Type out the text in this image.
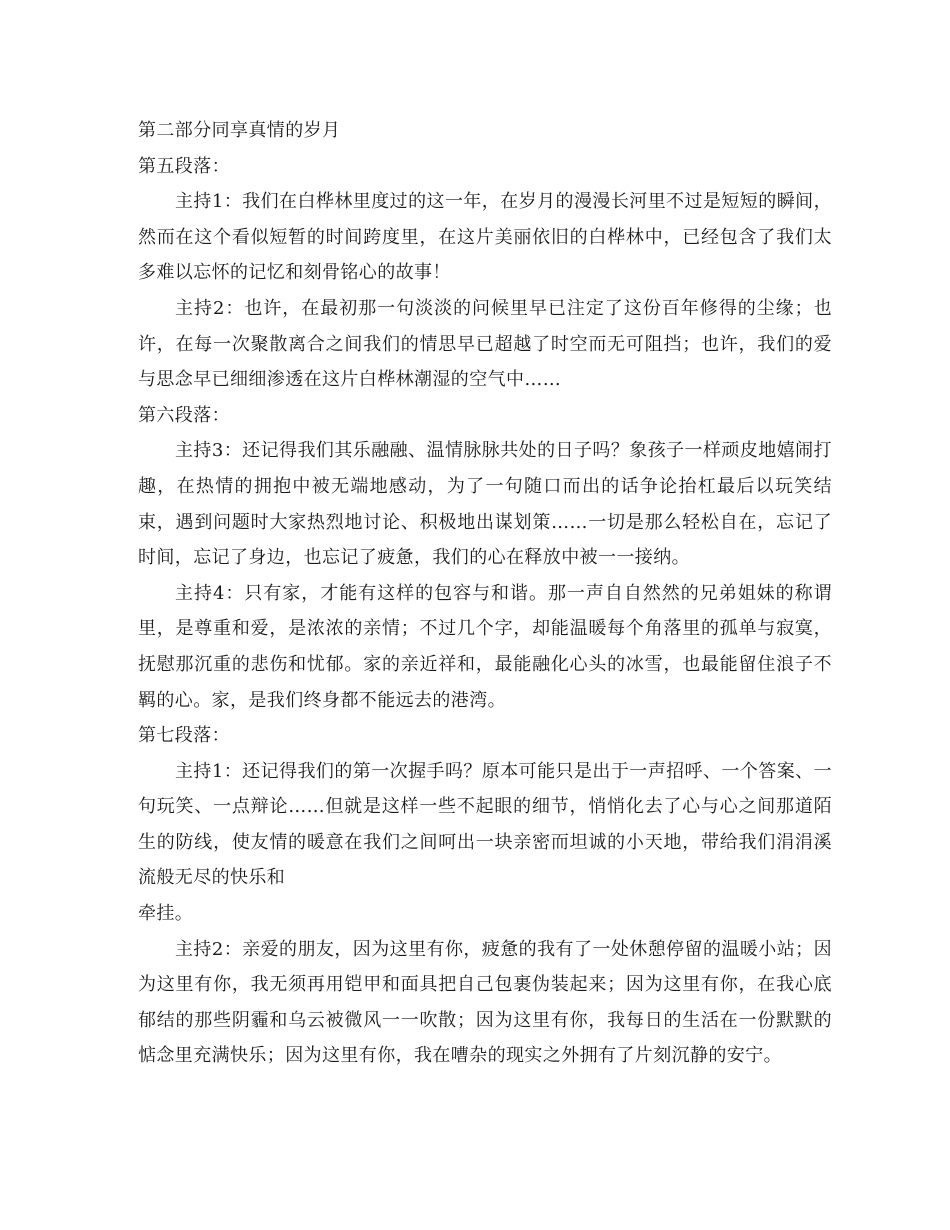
第二部分同享真情的岁月

第五段落：

主持1：我们在白桦林里度过的这一年，在岁月的漫漫长河里不过是短短的瞬间，然而在这个看似短暂的时间跨度里，在这片美丽依旧的白桦林中，已经包含了我们太多难以忘怀的记忆和刻骨铭心的故事！

主持2：也许，在最初那一句淡淡的问候里早已注定了这份百年修得的尘缘；也许，在每一次聚散离合之间我们的情思早已超越了时空而无可阻挡；也许，我们的爱与思念早已细细渗透在这片白桦林潮湿的空气中……

第六段落：

主持3：还记得我们其乐融融、温情脉脉共处的日子吗？象孩子一样顽皮地嬉闹打趣，在热情的拥抱中被无端地感动，为了一句随口而出的话争论抬杠最后以玩笑结束，遇到问题时大家热烈地讨论、积极地出谋划策……一切是那么轻松自在，忘记了时间，忘记了身边，也忘记了疲惫，我们的心在释放中被一一接纳。

主持4：只有家，才能有这样的包容与和谐。那一声自自然然的兄弟姐妹的称谓里，是尊重和爱，是浓浓的亲情；不过几个字，却能温暖每个角落里的孤单与寂寞，抚慰那沉重的悲伤和忧郁。家的亲近祥和，最能融化心头的冰雪，也最能留住浪子不羁的心。家，是我们终身都不能远去的港湾。

第七段落：

主持1：还记得我们的第一次握手吗？原本可能只是出于一声招呼、一个答案、一句玩笑、一点辩论……但就是这样一些不起眼的细节，悄悄化去了心与心之间那道陌生的防线，使友情的暖意在我们之间呵出一块亲密而坦诚的小天地，带给我们涓涓溪流般无尽的快乐和

牵挂。

主持2：亲爱的朋友，因为这里有你，疲惫的我有了一处休憩停留的温暖小站；因为这里有你，我无须再用铠甲和面具把自己包裹伪装起来；因为这里有你，在我心底郁结的那些阴霾和乌云被微风一一吹散；因为这里有你，我每日的生活在一份默默的惦念里充满快乐；因为这里有你，我在嘈杂的现实之外拥有了片刻沉静的安宁。
